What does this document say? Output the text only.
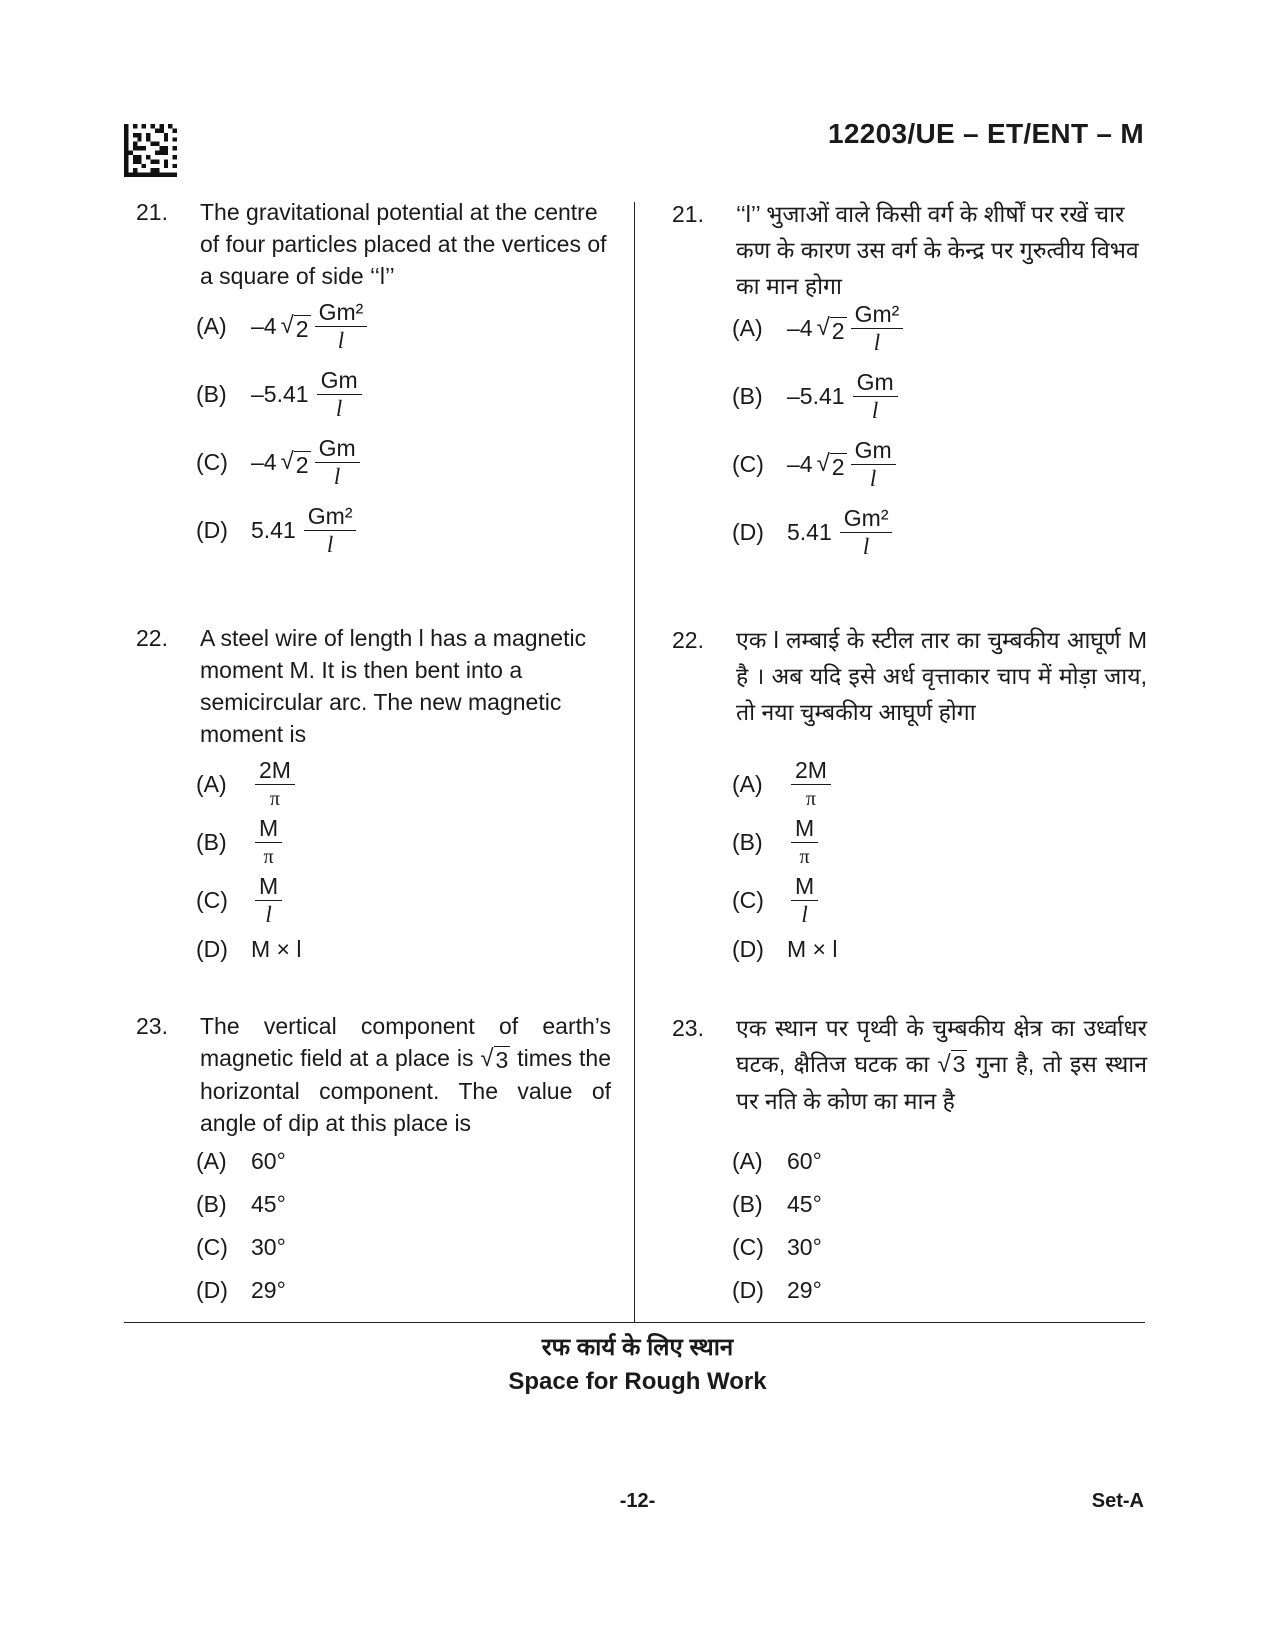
12203/UE – ET/ENT – M
21.	The gravitational potential at the centre of four particles placed at the vertices of a square of side ‘‘l’’
(A)	–4 √ $2 \frac{\text{Gm²}}{l}$
(B)	$-5.41 \frac{Gm}{l}$
(C)	–4 √ $2 \frac{Gm}{l}$
(D)	$5.41 \frac{\text{Gm²}}{l}$
22.	A steel wire of length l has a magnetic moment M. It is then bent into a semicircular arc. The new magnetic moment is
(A)	$\frac{2M}{\pi}$
(B)	$\frac{M}{\pi}$
(C)	$\frac{M}{l}$
(D)	M × l
23.	The vertical component of earth’s magnetic field at a place is √ 3 times the horizontal component. The value of angle of dip at this place is
(A)	60°
(B)	45°
(C)	30°
(D)	29°
21.	‘‘l’’ भुजाओं वाले किसी वर्ग के शीर्षों पर रखें चार कण के कारण उस वर्ग के केन्द्र पर गुरुत्वीय विभव का मान होगा
(A)	–4 √ $2 \frac{\text{Gm²}}{l}$
(B)	$-5.41 \frac{Gm}{l}$
(C)	–4 √ $2 \frac{Gm}{l}$
(D)	$5.41 \frac{\text{Gm²}}{l}$
22.	एक l लम्बाई के स्टील तार का चुम्बकीय आघूर्ण M है । अब यदि इसे अर्ध वृत्ताकार चाप में मोड़ा जाय, तो नया चुम्बकीय आघूर्ण होगा
(A)	$\frac{2M}{\pi}$
(B)	$\frac{M}{\pi}$
(C)	$\frac{M}{l}$
(D)	M × l
23.	एक स्थान पर पृथ्वी के चुम्बकीय क्षेत्र का उर्ध्वाधर घटक, क्षैतिज घटक का √ 3 गुना है, तो इस स्थान पर नति के कोण का मान है
(A)	60°
(B)	45°
(C)	30°
(D)	29°
रफ कार्य के लिए स्थान
Space for Rough Work
-12-	Set-A
